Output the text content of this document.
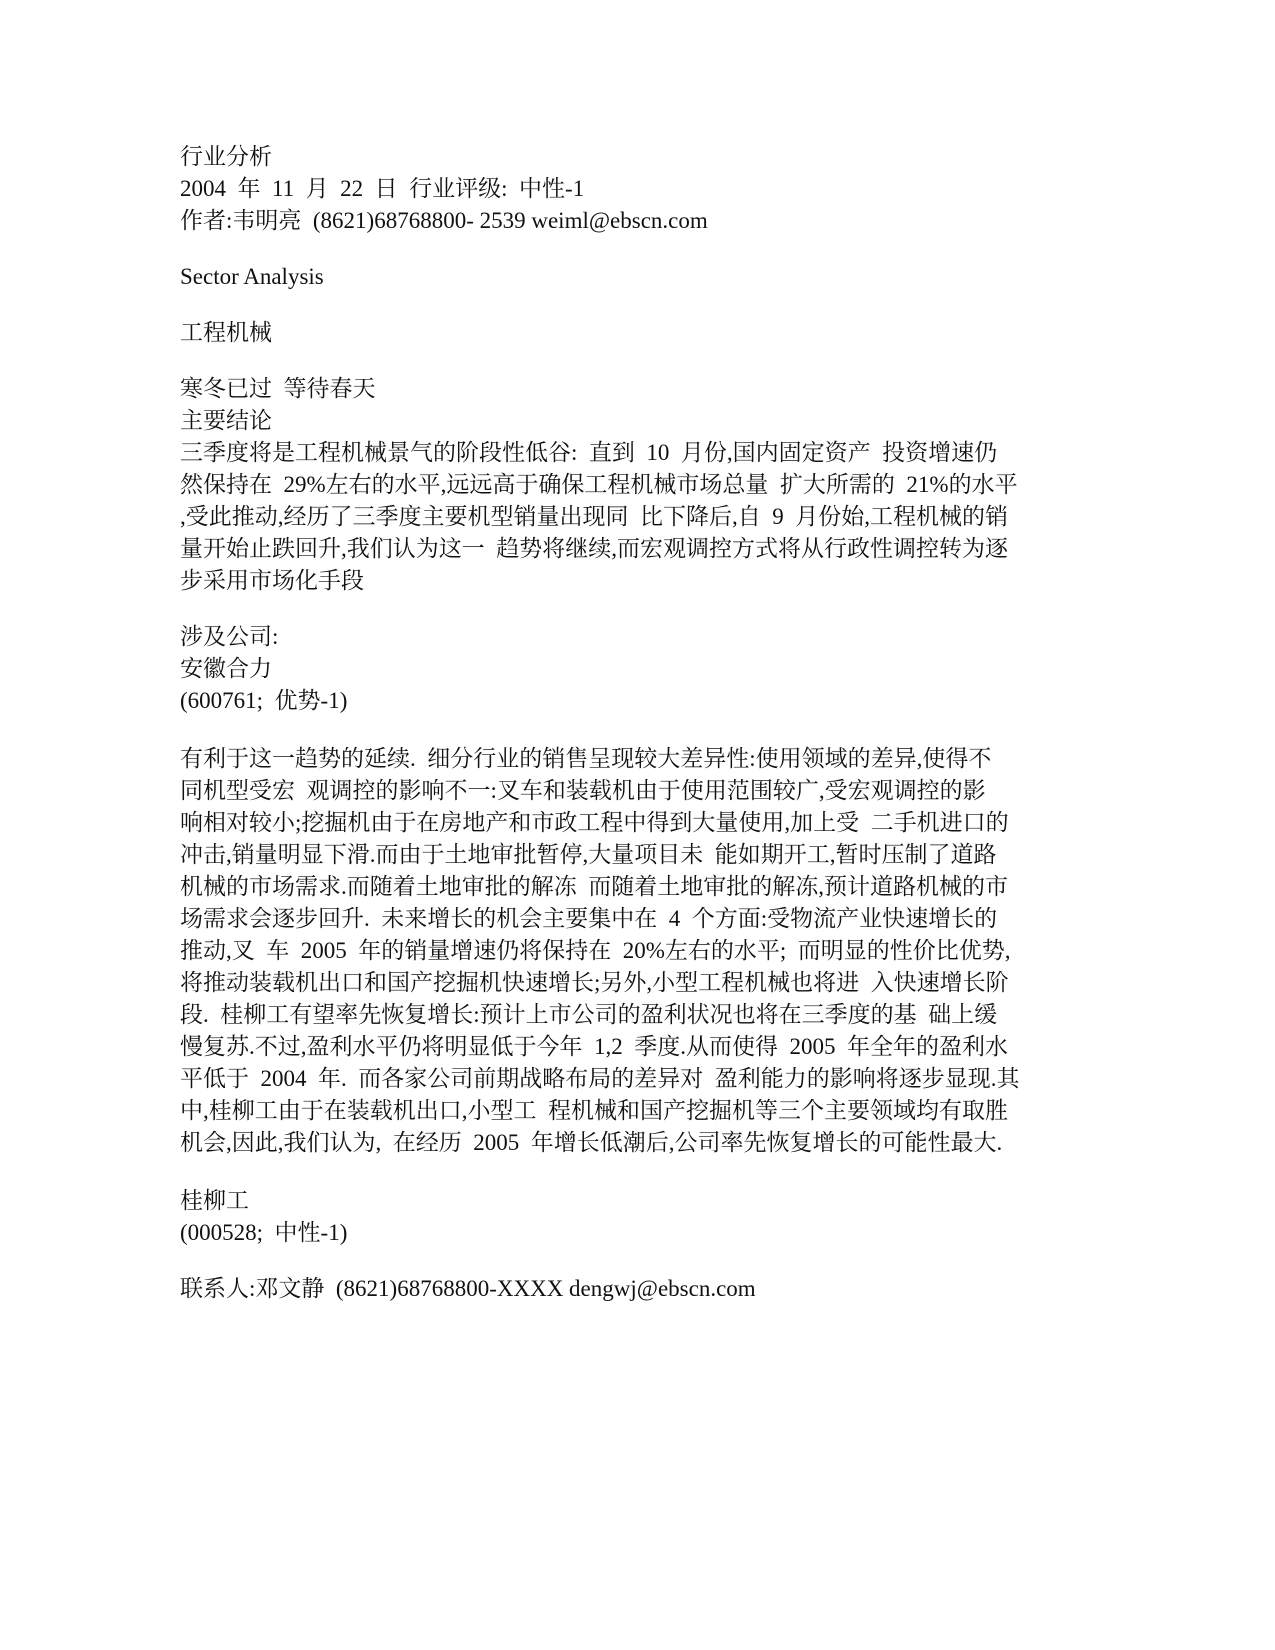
行业分析
2004  年  11  月  22  日  行业评级:  中性-1
作者:韦明亮  (8621)68768800- 2539 weiml@ebscn.com
Sector Analysis
工程机械
寒冬已过  等待春天
主要结论
三季度将是工程机械景气的阶段性低谷:  直到  10  月份,国内固定资产  投资增速仍
然保持在  29%左右的水平,远远高于确保工程机械市场总量  扩大所需的  21%的水平
,受此推动,经历了三季度主要机型销量出现同  比下降后,自  9  月份始,工程机械的销
量开始止跌回升,我们认为这一  趋势将继续,而宏观调控方式将从行政性调控转为逐
步采用市场化手段
涉及公司:
安徽合力
(600761;  优势-1)
有利于这一趋势的延续.  细分行业的销售呈现较大差异性:使用领域的差异,使得不
同机型受宏  观调控的影响不一:叉车和装载机由于使用范围较广,受宏观调控的影
响相对较小;挖掘机由于在房地产和市政工程中得到大量使用,加上受  二手机进口的
冲击,销量明显下滑.而由于土地审批暂停,大量项目未  能如期开工,暂时压制了道路
机械的市场需求.而随着土地审批的解冻  而随着土地审批的解冻,预计道路机械的市
场需求会逐步回升.  未来增长的机会主要集中在  4  个方面:受物流产业快速增长的
推动,叉  车  2005  年的销量增速仍将保持在  20%左右的水平;  而明显的性价比优势,
将推动装载机出口和国产挖掘机快速增长;另外,小型工程机械也将进  入快速增长阶
段.  桂柳工有望率先恢复增长:预计上市公司的盈利状况也将在三季度的基  础上缓
慢复苏.不过,盈利水平仍将明显低于今年  1,2  季度.从而使得  2005  年全年的盈利水
平低于  2004  年.  而各家公司前期战略布局的差异对  盈利能力的影响将逐步显现.其
中,桂柳工由于在装载机出口,小型工  程机械和国产挖掘机等三个主要领域均有取胜
机会,因此,我们认为,  在经历  2005  年增长低潮后,公司率先恢复增长的可能性最大.
桂柳工
(000528;  中性-1)
联系人:邓文静  (8621)68768800-XXXX dengwj@ebscn.com
